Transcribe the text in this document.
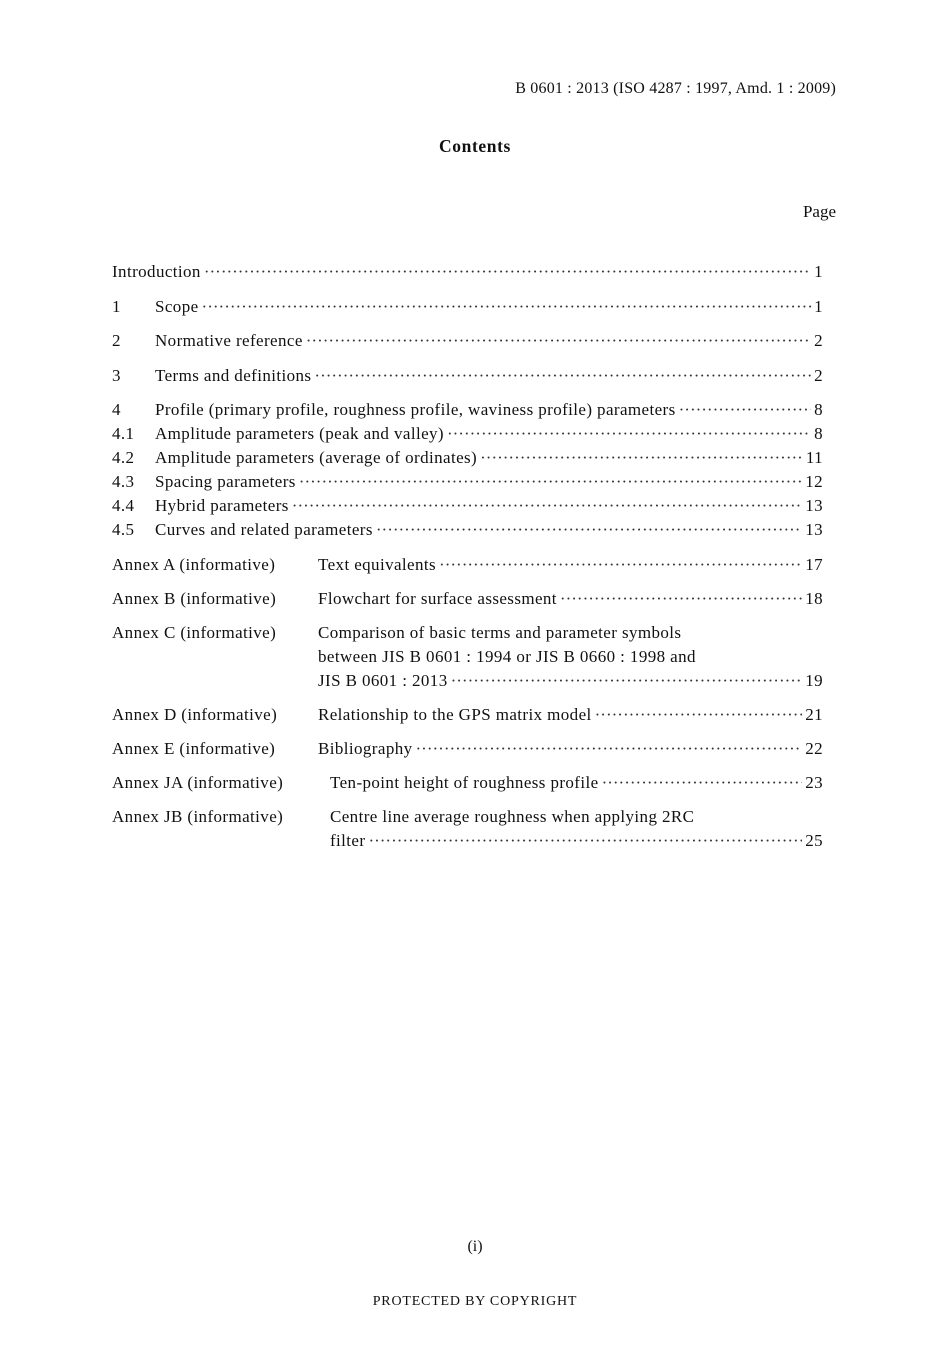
B 0601 : 2013 (ISO 4287 : 1997, Amd. 1 : 2009)
Contents
Page
Introduction ·····	1
1	Scope ·····	1
2	Normative reference ·····	2
3	Terms and definitions ·····	2
4	Profile (primary profile, roughness profile, waviness profile) parameters ·····	8
4.1	Amplitude parameters (peak and valley) ·····	8
4.2	Amplitude parameters (average of ordinates) ·····	11
4.3	Spacing parameters ·····	12
4.4	Hybrid parameters ·····	13
4.5	Curves and related parameters ·····	13
Annex A (informative)	Text equivalents ·····	17
Annex B (informative) Flowchart for surface assessment ·····	18
Annex C (informative) Comparison of basic terms and parameter symbols
between JIS B 0601 : 1994 or JIS B 0660 : 1998 and
JIS B 0601 : 2013 ·····	19
Annex D (informative) Relationship to the GPS matrix model ·····	21
Annex E (informative)	Bibliography ·····	22
Annex JA (informative)	Ten-point height of roughness profile ·····	23
Annex JB (informative)	Centre line average roughness when applying 2RC
filter ·····	25
(i)
PROTECTED BY COPYRIGHT
